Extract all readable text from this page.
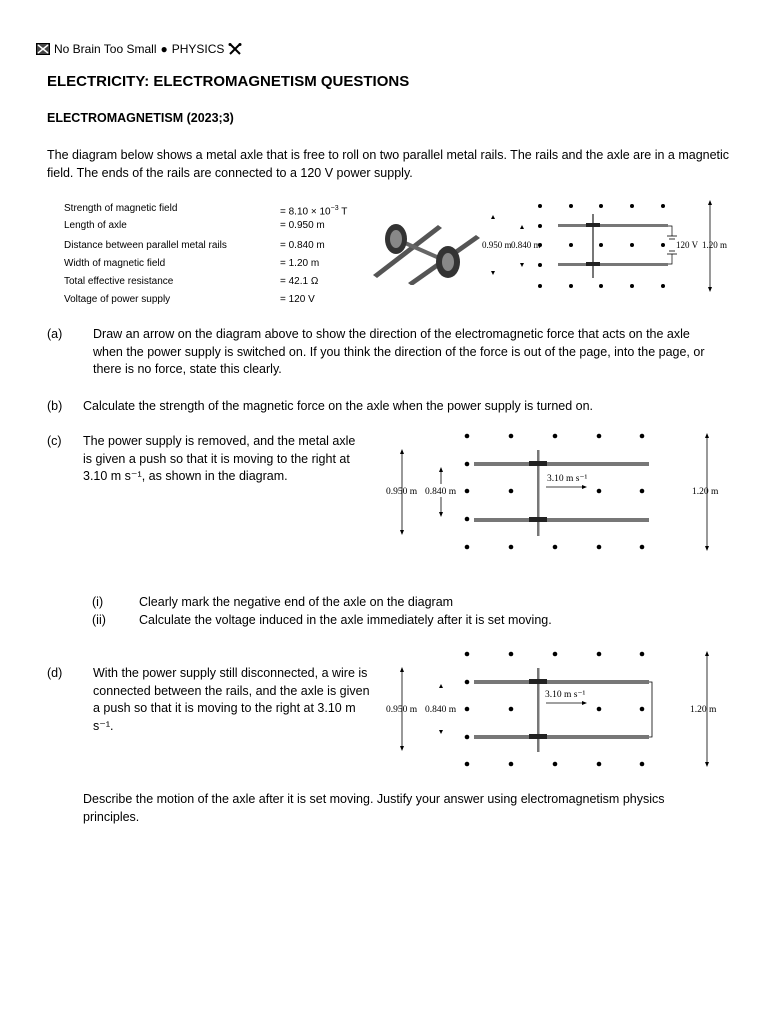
No Brain Too Small ● PHYSICS
ELECTRICITY: ELECTROMAGNETISM QUESTIONS
ELECTROMAGNETISM (2023;3)
The diagram below shows a metal axle that is free to roll on two parallel metal rails. The rails and the axle are in a magnetic field. The ends of the rails are connected to a 120 V power supply.
Strength of magnetic field	= $8.10 \times 10^{-3}$ T
Length of axle	= 0.950 m
Distance between parallel metal rails	= 0.840 m
Width of magnetic field	= 1.20 m
Total effective resistance	= 42.1 Ω
Voltage of power supply	= 120 V
0.950 m 0.840 m	120 V 1.20 m
(a)	Draw an arrow on the diagram above to show the direction of the electromagnetic force that acts on the axle when the power supply is switched on. If you think the direction of the force is out of the page, into the page, or there is no force, state this clearly.
(b)	Calculate the strength of the magnetic force on the axle when the power supply is turned on.
(c)	The power supply is removed, and the metal axle is given a push so that it is moving to the right at 3.10 m s⁻¹, as shown in the diagram.
0.950 m 0.840 m
3.10 m s⁻¹
1.20 m
(i)	Clearly mark the negative end of the axle on the diagram
(ii)	Calculate the voltage induced in the axle immediately after it is set moving.
(d)	With the power supply still disconnected, a wire is connected between the rails, and the axle is given a push so that it is moving to the right at 3.10 m s⁻¹.
0.950 m 0.840 m
3.10 m s⁻¹
1.20 m
Describe the motion of the axle after it is set moving. Justify your answer using electromagnetism physics principles.
